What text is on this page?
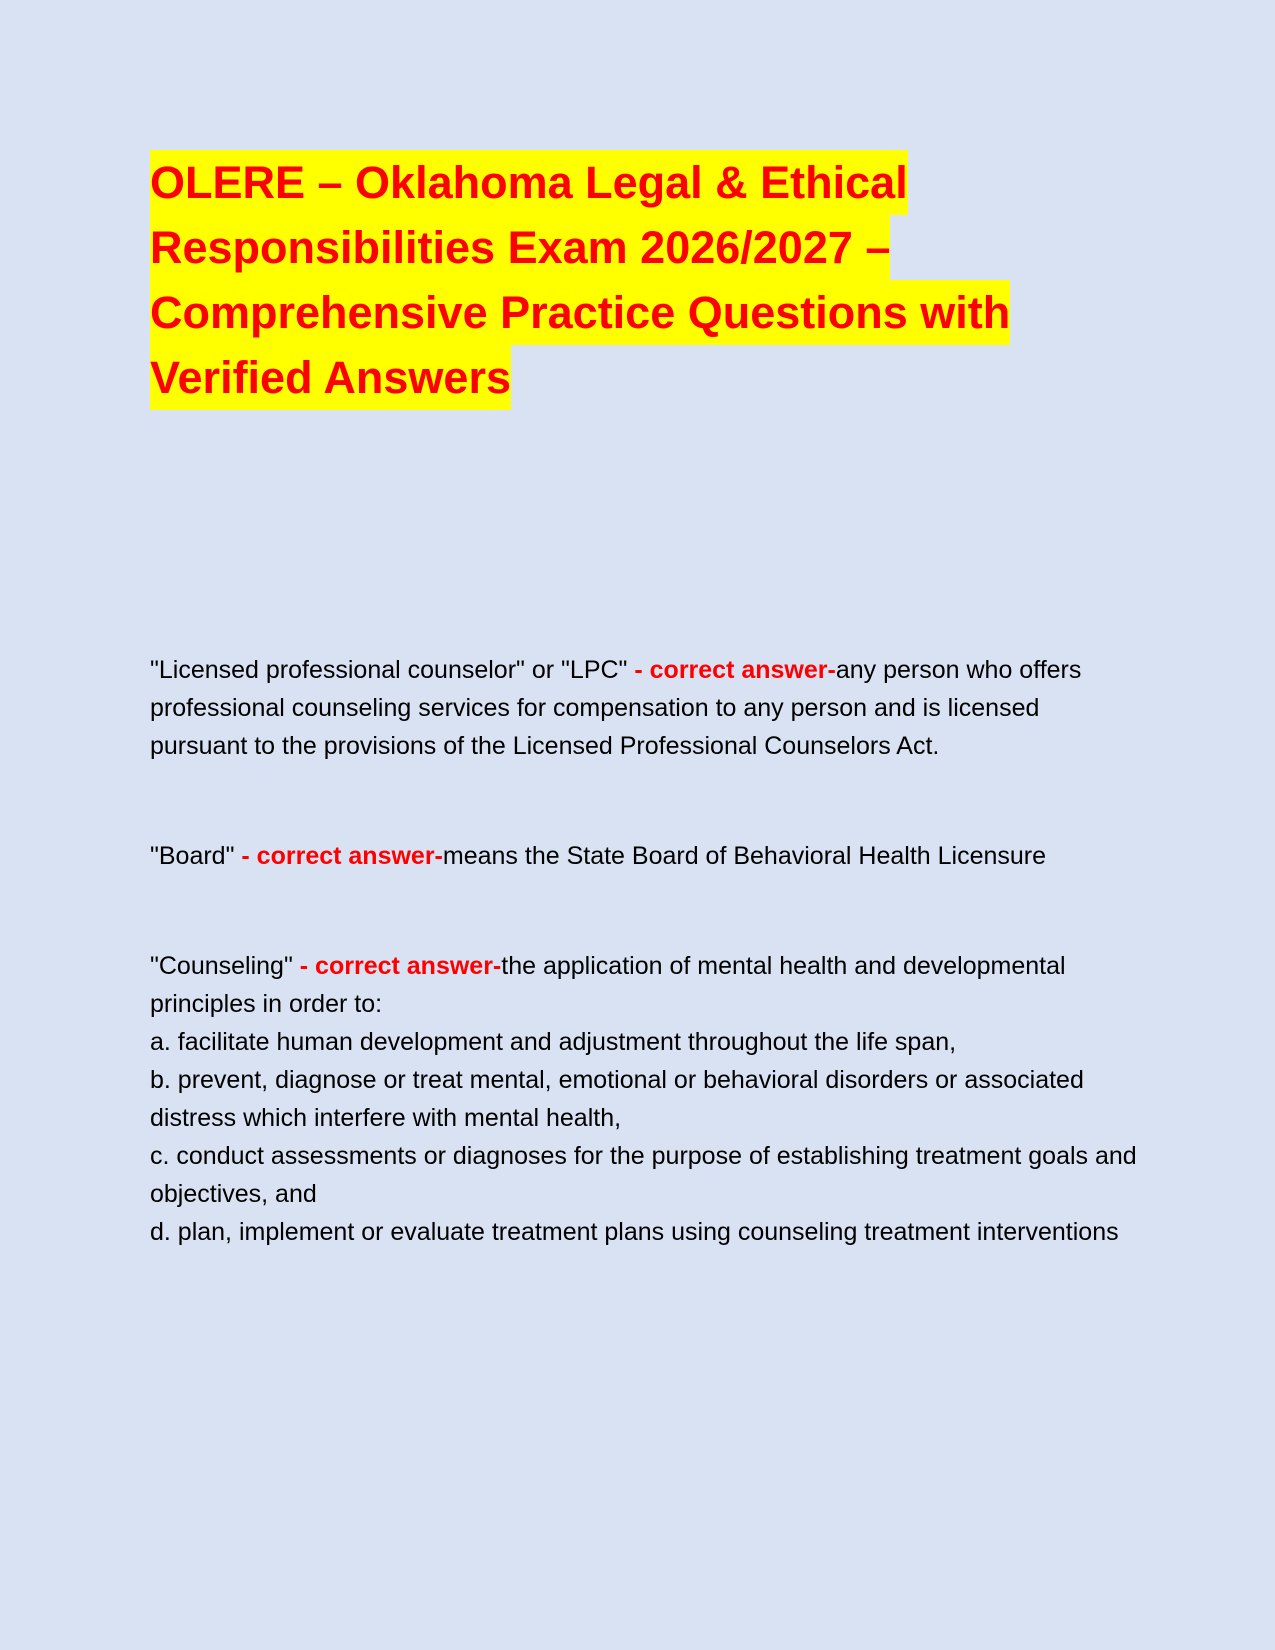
OLERE – Oklahoma Legal & Ethical
Responsibilities Exam 2026/2027 –
Comprehensive Practice Questions with
Verified Answers

"Licensed professional counselor" or "LPC" - correct answer-any person who offers professional counseling services for compensation to any person and is licensed pursuant to the provisions of the Licensed Professional Counselors Act.

"Board" - correct answer-means the State Board of Behavioral Health Licensure

"Counseling" - correct answer-the application of mental health and developmental principles in order to:

a. facilitate human development and adjustment throughout the life span,

b. prevent, diagnose or treat mental, emotional or behavioral disorders or associated distress which interfere with mental health,

c. conduct assessments or diagnoses for the purpose of establishing treatment goals and objectives, and

d. plan, implement or evaluate treatment plans using counseling treatment interventions
